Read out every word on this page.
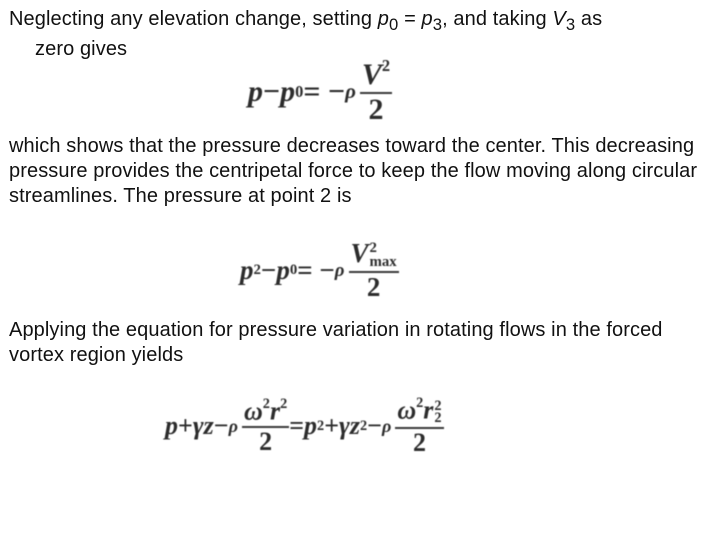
Neglecting any elevation change, setting $p_0 = p_3$, and taking $V_3$ as
zero gives
p − p 0 = − ρ $\frac{V^2}{2}$

which shows that the pressure decreases toward the center. This decreasing pressure provides the centripetal force to keep the flow moving along circular streamlines. The pressure at point 2 is

p 2 − p 0 = − ρ V 2
max
2

Applying the equation for pressure variation in rotating flows in the forced vortex region yields

p + γz − ρ $\frac{\omega^2r^2}{2} = p$ 2 + γz 2 − ρ $\omega^2r$ 2
2
2
